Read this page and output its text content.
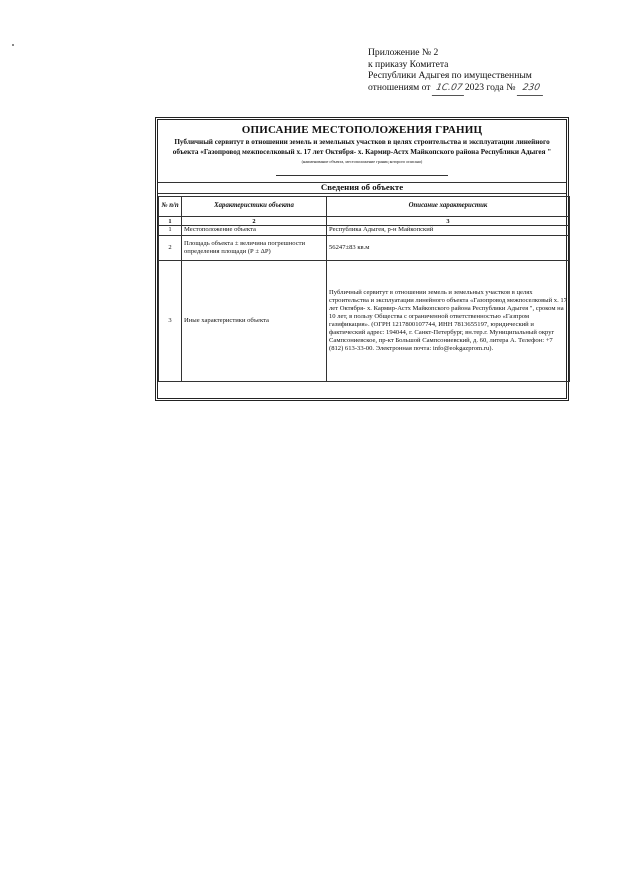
Приложение № 2
к приказу Комитета
Республики Адыгея по имущественным
отношениям от 1С.07 2023 года № 230
ОПИСАНИЕ МЕСТОПОЛОЖЕНИЯ ГРАНИЦ
Публичный сервитут в отношении земель и земельных участков в целях строительства и эксплуатации линейного объекта «Газопровод межпоселковый х. 17 лет Октября- х. Кармир-Астх Майкопского района Республики Адыгея "
(наименование объекта, местоположение границ которого описано)
Сведения об объекте
№ п/п	Характеристики объекта	Описание характеристик
1	2	3
1	Местоположение объекта	Республика Адыгея, р-н Майкопский
2	Площадь объекта ± величина погрешности определения площади (Р ± ΔР)	56247±83 кв.м
3	Иные характеристики объекта	Публичный сервитут в отношении земель и земельных участков в целях строительства и эксплуатации линейного объекта «Газопровод межпоселковый х. 17 лет Октября- х. Кармир-Астх Майкопского района Республики Адыгея ", сроком на 10 лет, в пользу Общества с ограниченной ответственностью «Газпром газификация». (ОГРН 1217800107744, ИНН 7813655197, юридический и фактический адрес: 194044, г. Санкт-Петербург, вн.тер.г. Муниципальный округ Сампсониевское, пр-кт Большой Сампсониевский, д. 60, литера А. Телефон: +7 (812) 613-33-00. Электронная почта: info@eokgazprom.ru).
